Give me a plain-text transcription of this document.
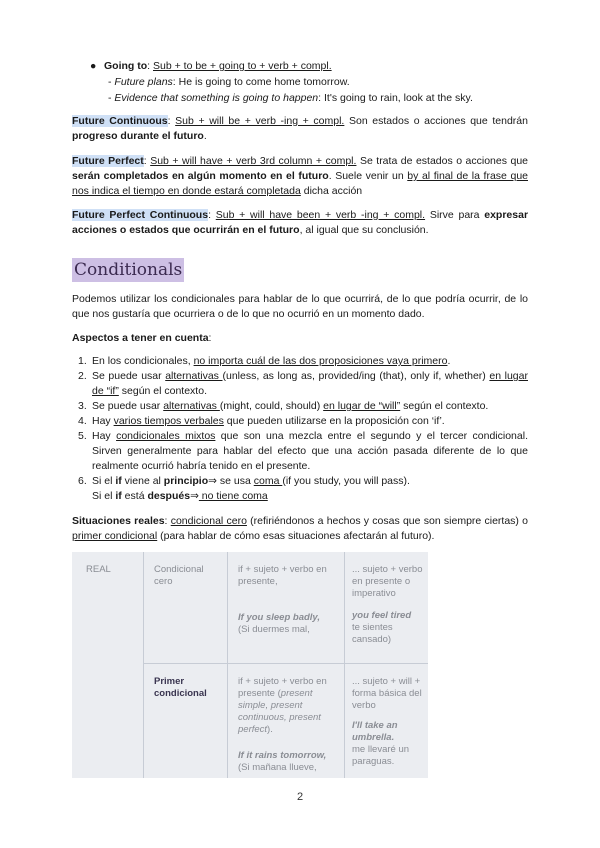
● Going to: Sub + to be + going to + verb + compl.
- Future plans: He is going to come home tomorrow.
- Evidence that something is going to happen: It's going to rain, look at the sky.
Future Continuous: Sub + will be + verb -ing + compl. Son estados o acciones que tendrán progreso durante el futuro.
Future Perfect: Sub + will have + verb 3rd column + compl. Se trata de estados o acciones que serán completados en algún momento en el futuro. Suele venir un by al final de la frase que nos indica el tiempo en donde estará completada dicha acción
Future Perfect Continuous: Sub + will have been + verb -ing + compl. Sirve para expresar acciones o estados que ocurrirán en el futuro, al igual que su conclusión.
Conditionals
Podemos utilizar los condicionales para hablar de lo que ocurrirá, de lo que podría ocurrir, de lo que nos gustaría que ocurriera o de lo que no ocurrió en un momento dado.
Aspectos a tener en cuenta:
1. En los condicionales, no importa cuál de las dos proposiciones vaya primero.
2. Se puede usar alternativas (unless, as long as, provided/ing (that), only if, whether) en lugar de “if” según el contexto.
3. Se puede usar alternativas (might, could, should) en lugar de “will” según el contexto.
4. Hay varios tiempos verbales que pueden utilizarse en la proposición con ‘if’.
5. Hay condicionales mixtos que son una mezcla entre el segundo y el tercer condicional. Sirven generalmente para hablar del efecto que una acción pasada diferente de lo que realmente ocurrió habría tenido en el presente.
6. Si el if viene al principio⇒ se usa coma (if you study, you will pass).
Si el if está después⇒ no tiene coma
Situaciones reales: condicional cero (refiriéndonos a hechos y cosas que son siempre ciertas) o primer condicional (para hablar de cómo esas situaciones afectarán al futuro).
REAL	Condicional cero
if + sujeto + verbo en presente,
If you sleep badly,
(Si duermes mal,
... sujeto + verbo en presente o imperativo
you feel tired
te sientes cansado)
Primer condicional
if + sujeto + verbo en presente (present simple, present continuous, present perfect).
If it rains tomorrow,
(Si mañana llueve,
... sujeto + will + forma básica del verbo
I'll take an umbrella.
me llevaré un paraguas.
2
